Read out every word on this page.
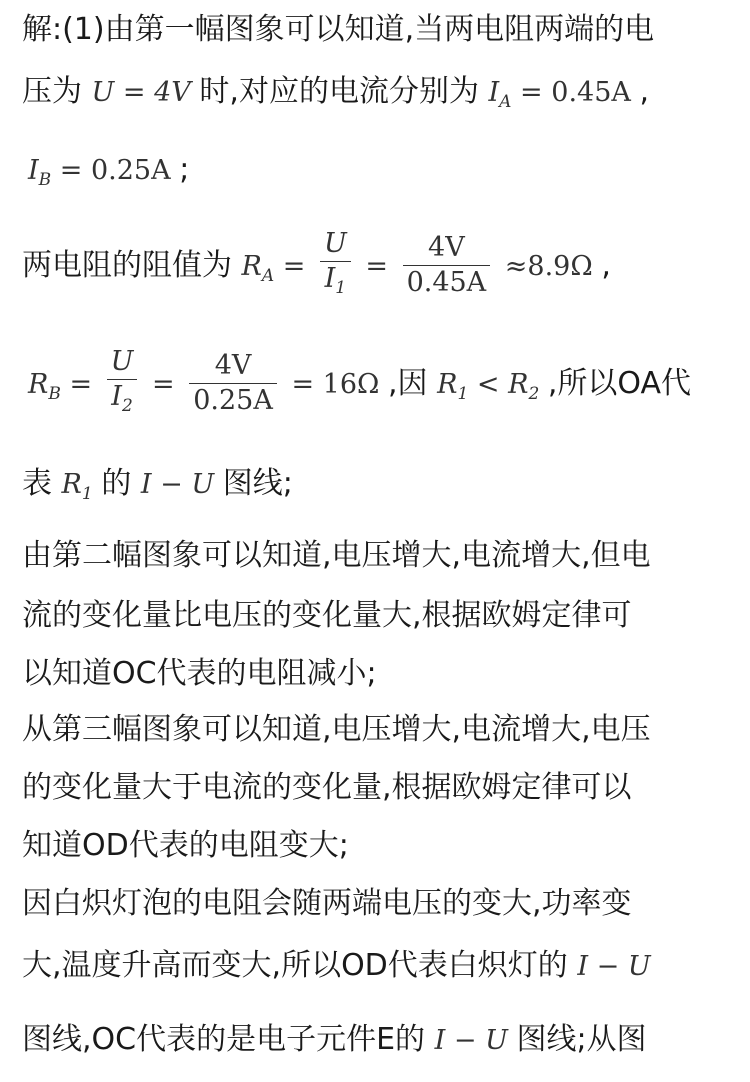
解:(1)由第一幅图象可以知道,当两电阻两端的电
压为 U = 4V 时,对应的电流分别为 $I_A = 0.45A$ ,
$I_B = 0.25A$ ;
两电阻的阻值为 $R_A = \frac{U}{I_1} = \frac{4V}{0.45A} \approx 8.9\Omega$ ,
$R_B = \frac{U}{I_2} = \frac{4V}{0.25A} = 16\Omega$ ,因 $R_1 < R_2$ ,所以OA代
表 $R_1$ 的 I − U 图线;
由第二幅图象可以知道,电压增大,电流增大,但电
流的变化量比电压的变化量大,根据欧姆定律可
以知道OC代表的电阻减小;
从第三幅图象可以知道,电压增大,电流增大,电压
的变化量大于电流的变化量,根据欧姆定律可以
知道OD代表的电阻变大;
因白炽灯泡的电阻会随两端电压的变大,功率变
大,温度升高而变大,所以OD代表白炽灯的 I − U
图线,OC代表的是电子元件E的 I − U 图线;从图
